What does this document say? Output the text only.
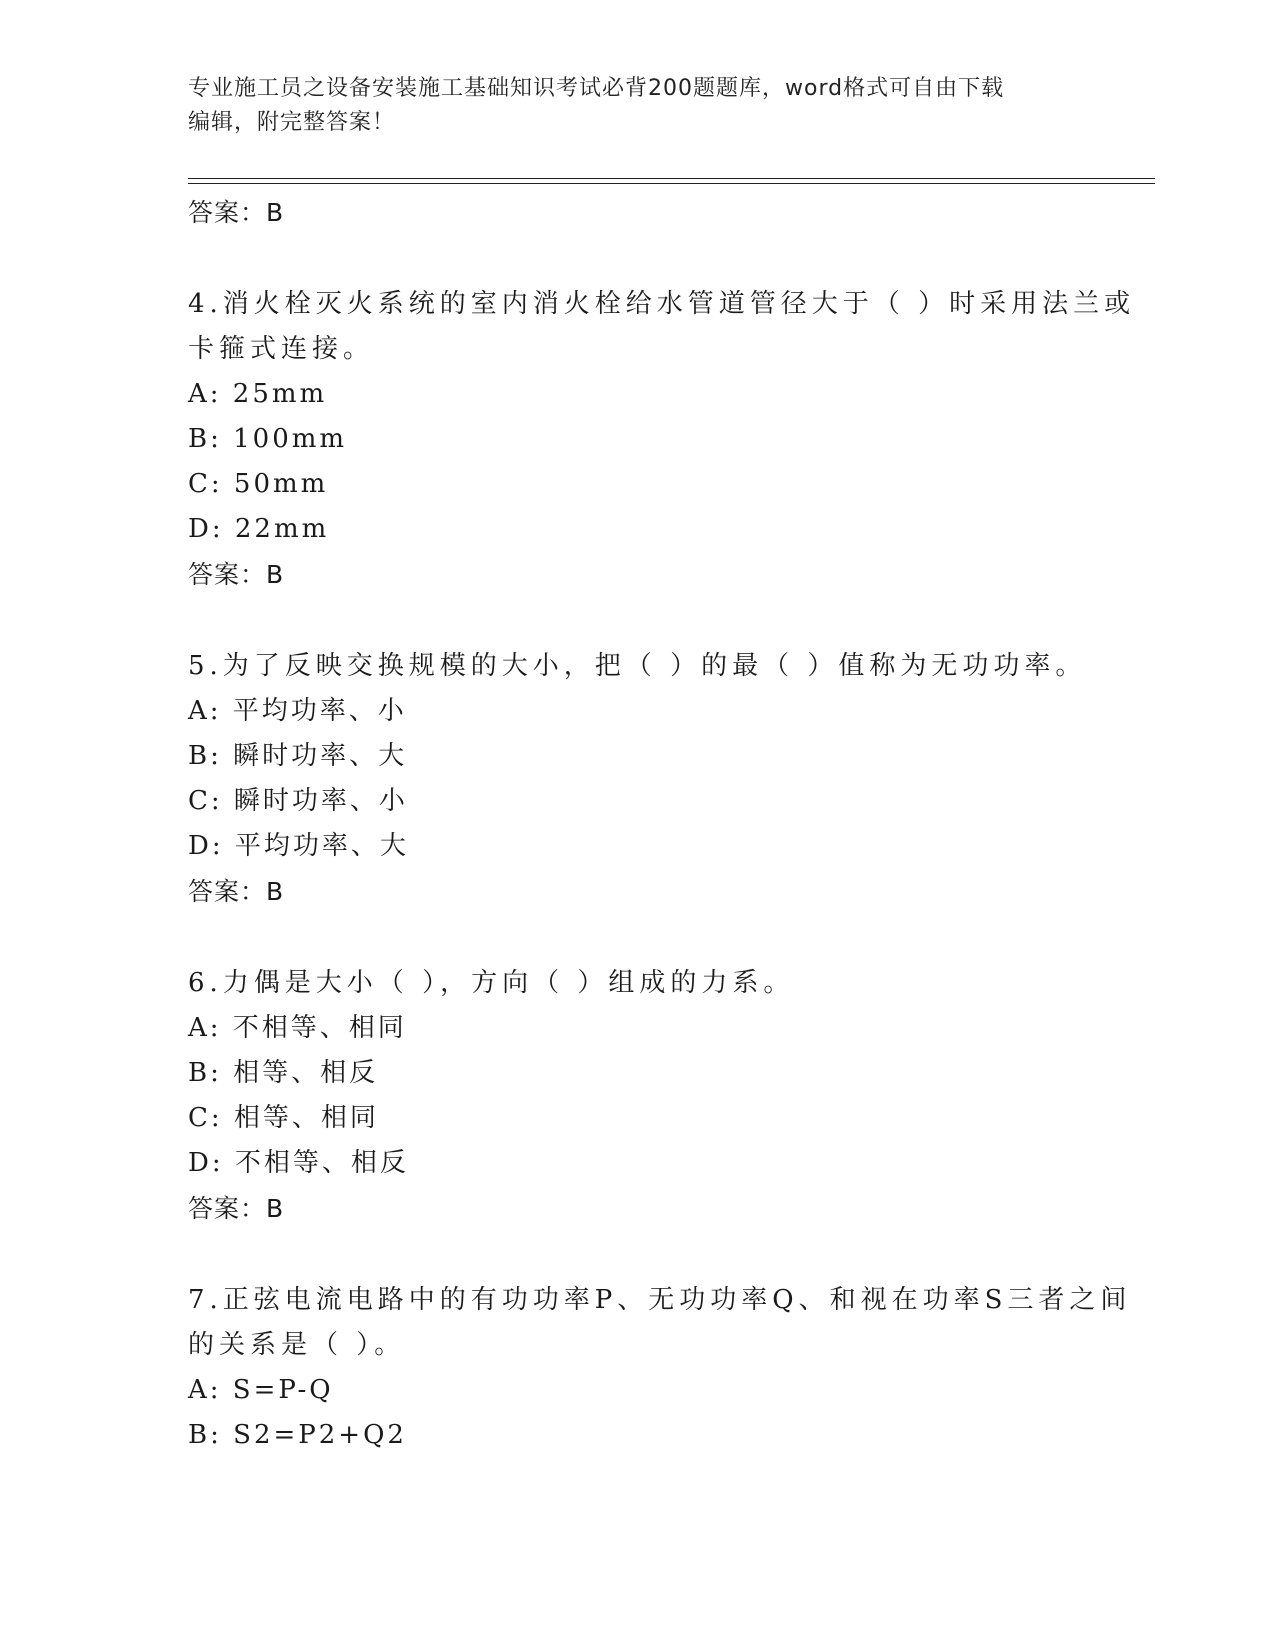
专业施工员之设备安装施工基础知识考试必背200题题库，word格式可自由下载
编辑，附完整答案！
答案：B
4.消火栓灭火系统的室内消火栓给水管道管径大于（ ）时采用法兰或
卡箍式连接。
A: 25mm
B: 100mm
C: 50mm
D: 22mm
答案：B
5.为了反映交换规模的大小，把（ ）的最（ ）值称为无功功率。
A: 平均功率、小
B: 瞬时功率、大
C: 瞬时功率、小
D: 平均功率、大
答案：B
6.力偶是大小（ ），方向（ ）组成的力系。
A: 不相等、相同
B: 相等、相反
C: 相等、相同
D: 不相等、相反
答案：B
7.正弦电流电路中的有功功率P、无功功率Q、和视在功率S三者之间
的关系是（ ）。
A: S=P-Q
B: S2=P2+Q2
